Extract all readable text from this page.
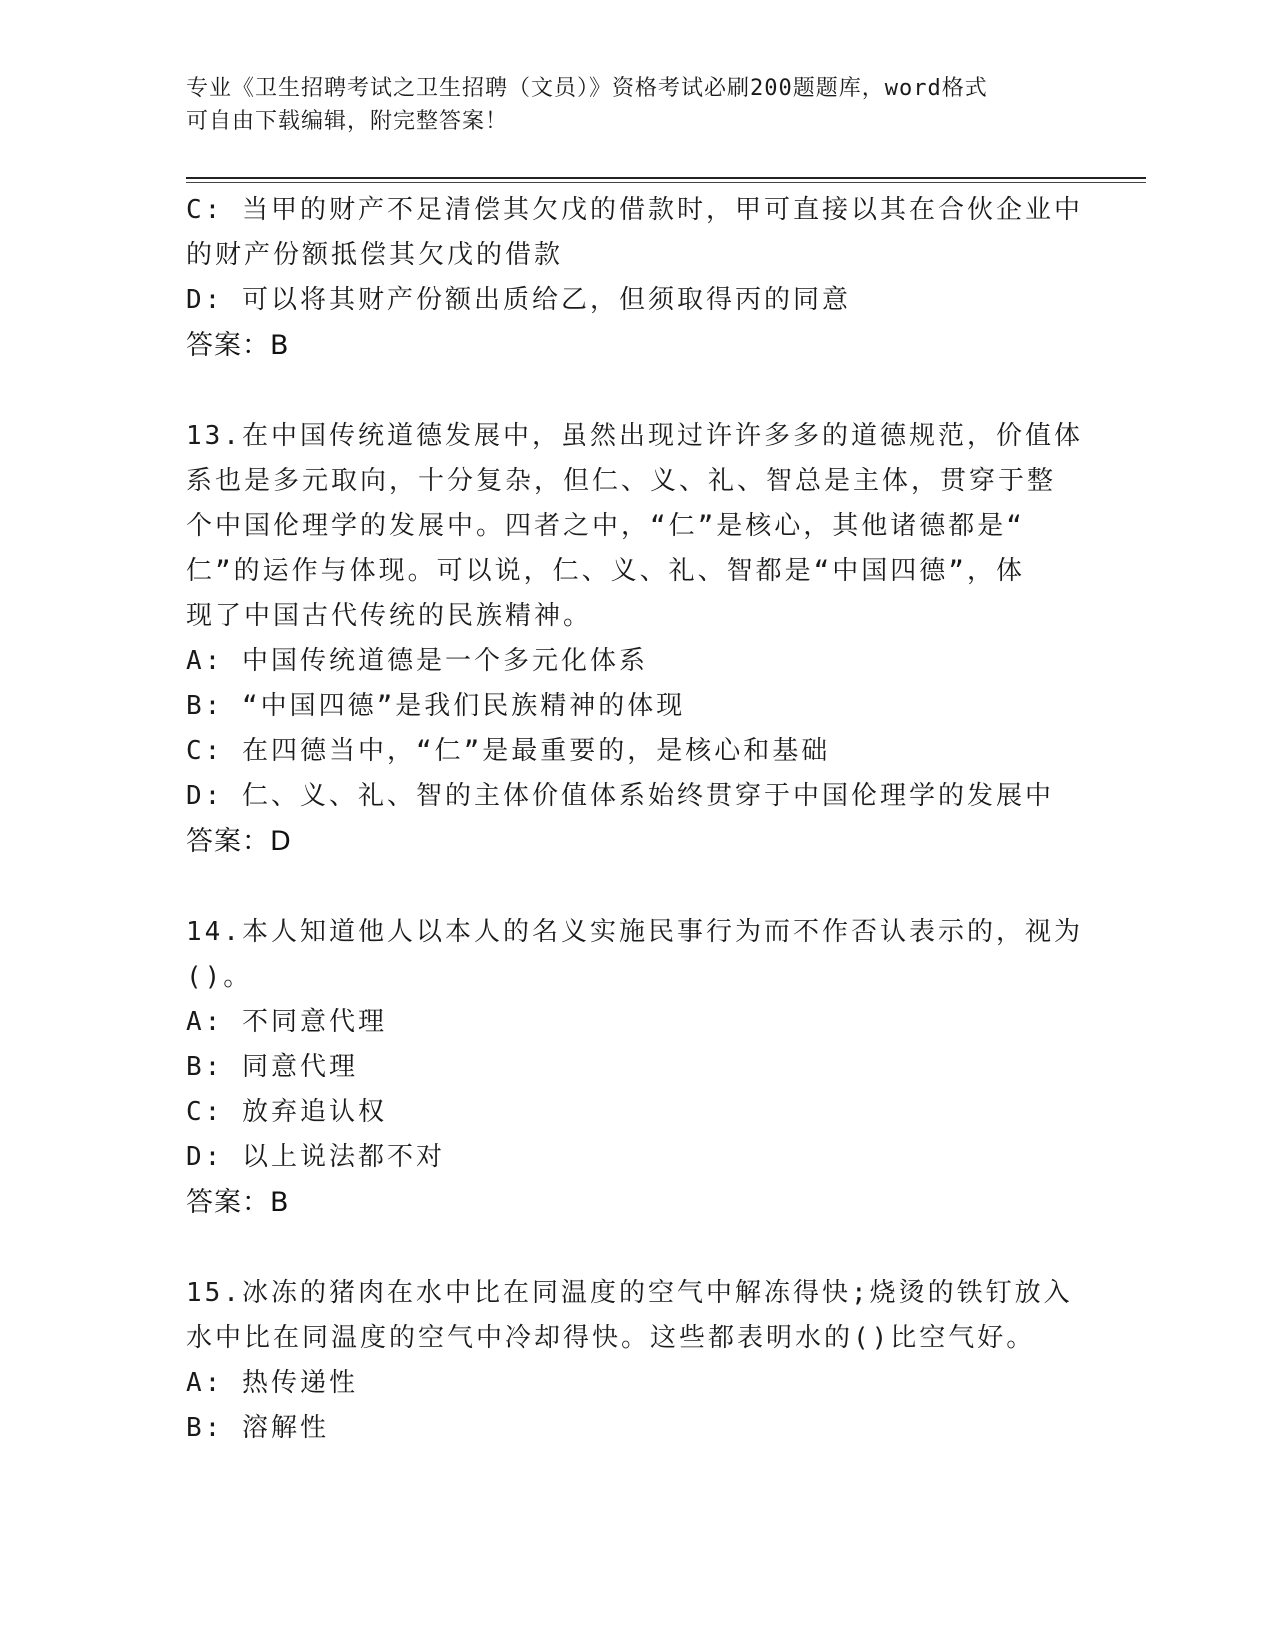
专业《卫生招聘考试之卫生招聘（文员）》资格考试必刷200题题库，word格式
可自由下载编辑，附完整答案！
C: 当甲的财产不足清偿其欠戊的借款时，甲可直接以其在合伙企业中
的财产份额抵偿其欠戊的借款
D: 可以将其财产份额出质给乙，但须取得丙的同意
答案：B
13.在中国传统道德发展中，虽然出现过许许多多的道德规范，价值体
系也是多元取向，十分复杂，但仁、义、礼、智总是主体，贯穿于整
个中国伦理学的发展中。四者之中，“仁”是核心，其他诸德都是“
仁”的运作与体现。可以说，仁、义、礼、智都是“中国四德”，体
现了中国古代传统的民族精神。
A: 中国传统道德是一个多元化体系
B: “中国四德”是我们民族精神的体现
C: 在四德当中，“仁”是最重要的，是核心和基础
D: 仁、义、礼、智的主体价值体系始终贯穿于中国伦理学的发展中
答案：D
14.本人知道他人以本人的名义实施民事行为而不作否认表示的，视为
()。
A: 不同意代理
B: 同意代理
C: 放弃追认权
D: 以上说法都不对
答案：B
15.冰冻的猪肉在水中比在同温度的空气中解冻得快;烧烫的铁钉放入
水中比在同温度的空气中冷却得快。这些都表明水的()比空气好。
A: 热传递性
B: 溶解性
